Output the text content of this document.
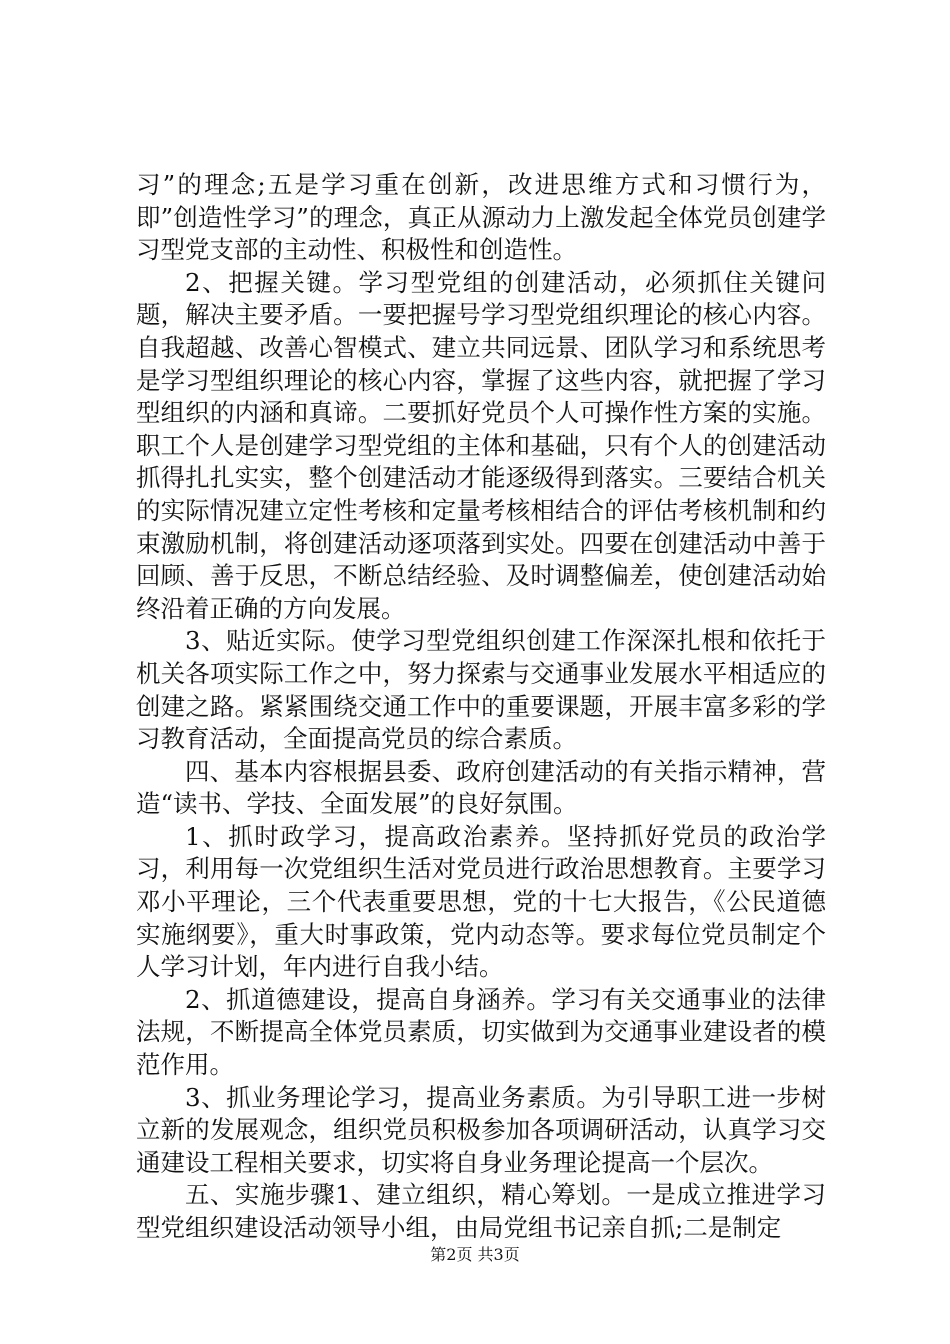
习”的理念;五是学习重在创新，改进思维方式和习惯行为，即”创造性学习”的理念，真正从源动力上激发起全体党员创建学习型党支部的主动性、积极性和创造性。

2、把握关键。学习型党组的创建活动，必须抓住关键问题，解决主要矛盾。一要把握号学习型党组织理论的核心内容。自我超越、改善心智模式、建立共同远景、团队学习和系统思考是学习型组织理论的核心内容，掌握了这些内容，就把握了学习型组织的内涵和真谛。二要抓好党员个人可操作性方案的实施。职工个人是创建学习型党组的主体和基础，只有个人的创建活动抓得扎扎实实，整个创建活动才能逐级得到落实。三要结合机关的实际情况建立定性考核和定量考核相结合的评估考核机制和约束激励机制，将创建活动逐项落到实处。四要在创建活动中善于回顾、善于反思，不断总结经验、及时调整偏差，使创建活动始终沿着正确的方向发展。

3、贴近实际。使学习型党组织创建工作深深扎根和依托于机关各项实际工作之中，努力探索与交通事业发展水平相适应的创建之路。紧紧围绕交通工作中的重要课题，开展丰富多彩的学习教育活动，全面提高党员的综合素质。

四、基本内容根据县委、政府创建活动的有关指示精神，营造“读书、学技、全面发展”的良好氛围。

1、抓时政学习，提高政治素养。坚持抓好党员的政治学习，利用每一次党组织生活对党员进行政治思想教育。主要学习邓小平理论，三个代表重要思想，党的十七大报告，《公民道德实施纲要》，重大时事政策，党内动态等。要求每位党员制定个人学习计划，年内进行自我小结。

2、抓道德建设，提高自身涵养。学习有关交通事业的法律法规，不断提高全体党员素质，切实做到为交通事业建设者的模范作用。

3、抓业务理论学习，提高业务素质。为引导职工进一步树立新的发展观念，组织党员积极参加各项调研活动，认真学习交通建设工程相关要求，切实将自身业务理论提高一个层次。

五、实施步骤1、建立组织，精心筹划。一是成立推进学习型党组织建设活动领导小组，由局党组书记亲自抓;二是制定

第2页 共3页
